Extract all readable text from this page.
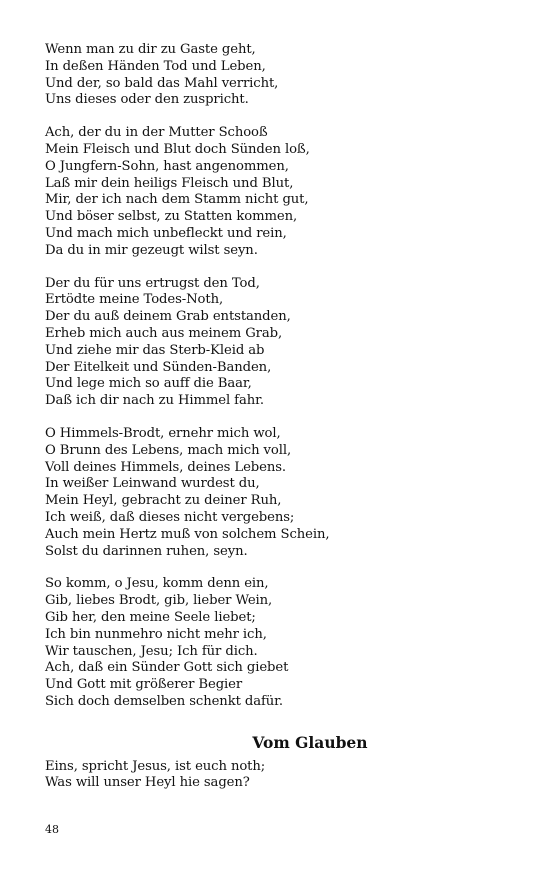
Wenn man zu dir zu Gaste geht,
In deßen Händen Tod und Leben,
Und der, so bald das Mahl verricht,
Uns dieses oder den zuspricht.
Ach, der du in der Mutter Schooß
Mein Fleisch und Blut doch Sünden loß,
O Jungfern-Sohn, hast angenommen,
Laß mir dein heiligs Fleisch und Blut,
Mir, der ich nach dem Stamm nicht gut,
Und böser selbst, zu Statten kommen,
Und mach mich unbefleckt und rein,
Da du in mir gezeugt wilst seyn.
Der du für uns ertrugst den Tod,
Ertödte meine Todes-Noth,
Der du auß deinem Grab entstanden,
Erheb mich auch aus meinem Grab,
Und ziehe mir das Sterb-Kleid ab
Der Eitelkeit und Sünden-Banden,
Und lege mich so auff die Baar,
Daß ich dir nach zu Himmel fahr.
O Himmels-Brodt, ernehr mich wol,
O Brunn des Lebens, mach mich voll,
Voll deines Himmels, deines Lebens.
In weißer Leinwand wurdest du,
Mein Heyl, gebracht zu deiner Ruh,
Ich weiß, daß dieses nicht vergebens;
Auch mein Hertz muß von solchem Schein,
Solst du darinnen ruhen, seyn.
So komm, o Jesu, komm denn ein,
Gib, liebes Brodt, gib, lieber Wein,
Gib her, den meine Seele liebet;
Ich bin nunmehro nicht mehr ich,
Wir tauschen, Jesu; Ich für dich.
Ach, daß ein Sünder Gott sich giebet
Und Gott mit größerer Begier
Sich doch demselben schenkt dafür.
Vom Glauben
Eins, spricht Jesus, ist euch noth;
Was will unser Heyl hie sagen?
48
